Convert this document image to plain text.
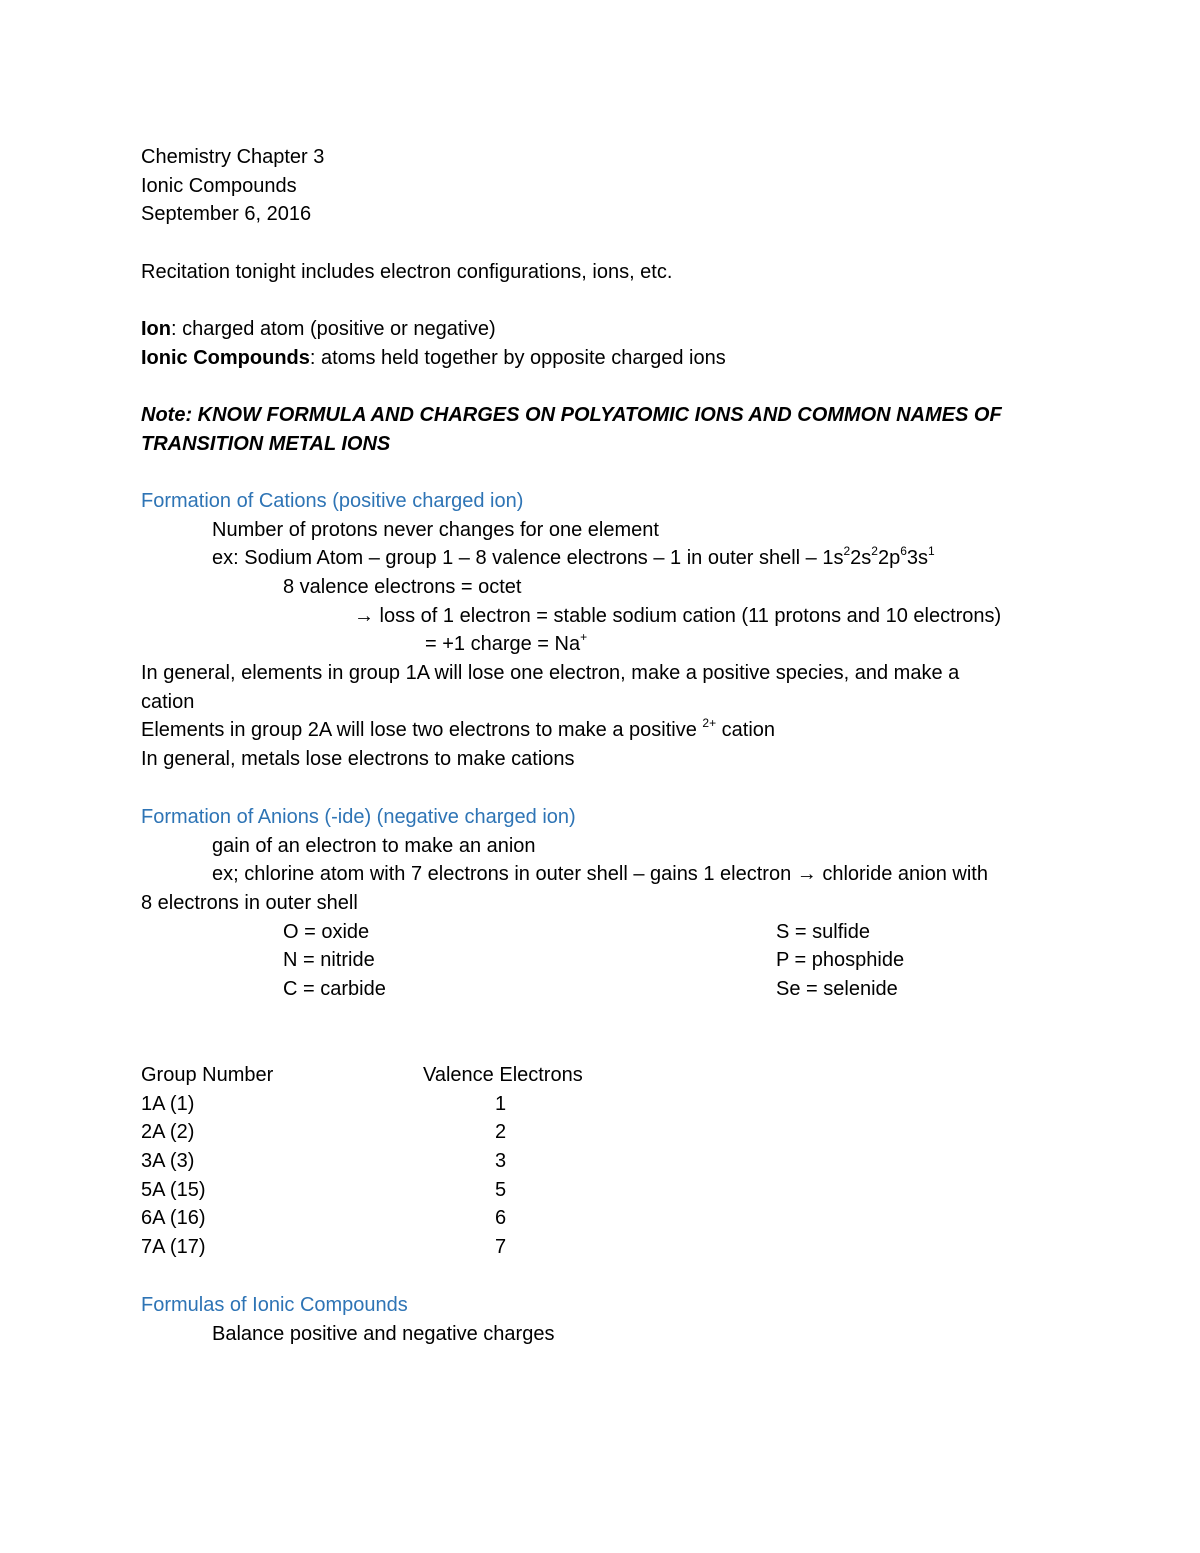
Chemistry Chapter 3
Ionic Compounds
September 6, 2016
Recitation tonight includes electron configurations, ions, etc.
Ion: charged atom (positive or negative)
Ionic Compounds: atoms held together by opposite charged ions
Note: KNOW FORMULA AND CHARGES ON POLYATOMIC IONS AND COMMON NAMES OF
TRANSITION METAL IONS
Formation of Cations (positive charged ion)
Number of protons never changes for one element
ex: Sodium Atom – group 1 – 8 valence electrons – 1 in outer shell – $1s^22s^22p^63s^1$
8 valence electrons = octet
→ loss of 1 electron = stable sodium cation (11 protons and 10 electrons)
= +1 charge = Na+
In general, elements in group 1A will lose one electron, make a positive species, and make a
cation
Elements in group 2A will lose two electrons to make a positive $^{2+}$ cation
In general, metals lose electrons to make cations
Formation of Anions (-ide) (negative charged ion)
gain of an electron to make an anion
ex; chlorine atom with 7 electrons in outer shell – gains 1 electron → chloride anion with
8 electrons in outer shell
O = oxide	S = sulfide
N = nitride	P = phosphide
C = carbide	Se = selenide
Group Number	Valence Electrons
1A (1)	1
2A (2)	2
3A (3)	3
5A (15)	5
6A (16)	6
7A (17)	7
Formulas of Ionic Compounds
Balance positive and negative charges
